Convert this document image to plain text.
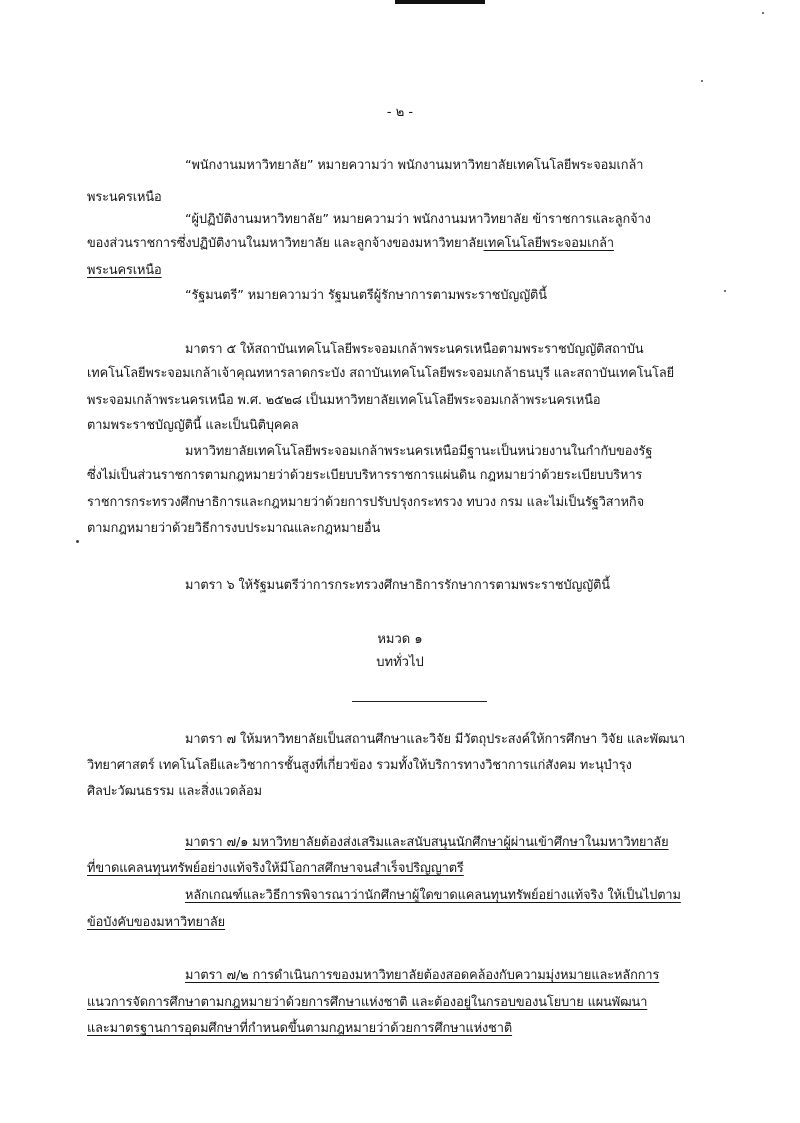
- ๒ -
“พนักงานมหาวิทยาลัย” หมายความว่า พนักงานมหาวิทยาลัยเทคโนโลยีพระจอมเกล้า
พระนครเหนือ
“ผู้ปฏิบัติงานมหาวิทยาลัย” หมายความว่า พนักงานมหาวิทยาลัย ข้าราชการและลูกจ้าง
ของส่วนราชการซึ่งปฏิบัติงานในมหาวิทยาลัย และลูกจ้างของมหาวิทยาลัยเทคโนโลยีพระจอมเกล้า
พระนครเหนือ
“รัฐมนตรี” หมายความว่า รัฐมนตรีผู้รักษาการตามพระราชบัญญัตินี้
มาตรา ๕ ให้สถาบันเทคโนโลยีพระจอมเกล้าพระนครเหนือตามพระราชบัญญัติสถาบัน
เทคโนโลยีพระจอมเกล้าเจ้าคุณทหารลาดกระบัง สถาบันเทคโนโลยีพระจอมเกล้าธนบุรี และสถาบันเทคโนโลยี
พระจอมเกล้าพระนครเหนือ พ.ศ. ๒๕๒๘ เป็นมหาวิทยาลัยเทคโนโลยีพระจอมเกล้าพระนครเหนือ
ตามพระราชบัญญัตินี้ และเป็นนิติบุคคล
มหาวิทยาลัยเทคโนโลยีพระจอมเกล้าพระนครเหนือมีฐานะเป็นหน่วยงานในกำกับของรัฐ
ซึ่งไม่เป็นส่วนราชการตามกฎหมายว่าด้วยระเบียบบริหารราชการแผ่นดิน กฎหมายว่าด้วยระเบียบบริหาร
ราชการกระทรวงศึกษาธิการและกฎหมายว่าด้วยการปรับปรุงกระทรวง ทบวง กรม และไม่เป็นรัฐวิสาหกิจ
ตามกฎหมายว่าด้วยวิธีการงบประมาณและกฎหมายอื่น
มาตรา ๖ ให้รัฐมนตรีว่าการกระทรวงศึกษาธิการรักษาการตามพระราชบัญญัตินี้
หมวด ๑
บททั่วไป
มาตรา ๗ ให้มหาวิทยาลัยเป็นสถานศึกษาและวิจัย มีวัตถุประสงค์ให้การศึกษา วิจัย และพัฒนา
วิทยาศาสตร์ เทคโนโลยีและวิชาการชั้นสูงที่เกี่ยวข้อง รวมทั้งให้บริการทางวิชาการแก่สังคม ทะนุบำรุง
ศิลปะวัฒนธรรม และสิ่งแวดล้อม
มาตรา ๗/๑ มหาวิทยาลัยต้องส่งเสริมและสนับสนุนนักศึกษาผู้ผ่านเข้าศึกษาในมหาวิทยาลัย
ที่ขาดแคลนทุนทรัพย์อย่างแท้จริงให้มีโอกาสศึกษาจนสำเร็จปริญญาตรี
หลักเกณฑ์และวิธีการพิจารณาว่านักศึกษาผู้ใดขาดแคลนทุนทรัพย์อย่างแท้จริง ให้เป็นไปตาม
ข้อบังคับของมหาวิทยาลัย
มาตรา ๗/๒ การดำเนินการของมหาวิทยาลัยต้องสอดคล้องกับความมุ่งหมายและหลักการ
แนวการจัดการศึกษาตามกฎหมายว่าด้วยการศึกษาแห่งชาติ และต้องอยู่ในกรอบของนโยบาย แผนพัฒนา
และมาตรฐานการอุดมศึกษาที่กำหนดขึ้นตามกฎหมายว่าด้วยการศึกษาแห่งชาติ
